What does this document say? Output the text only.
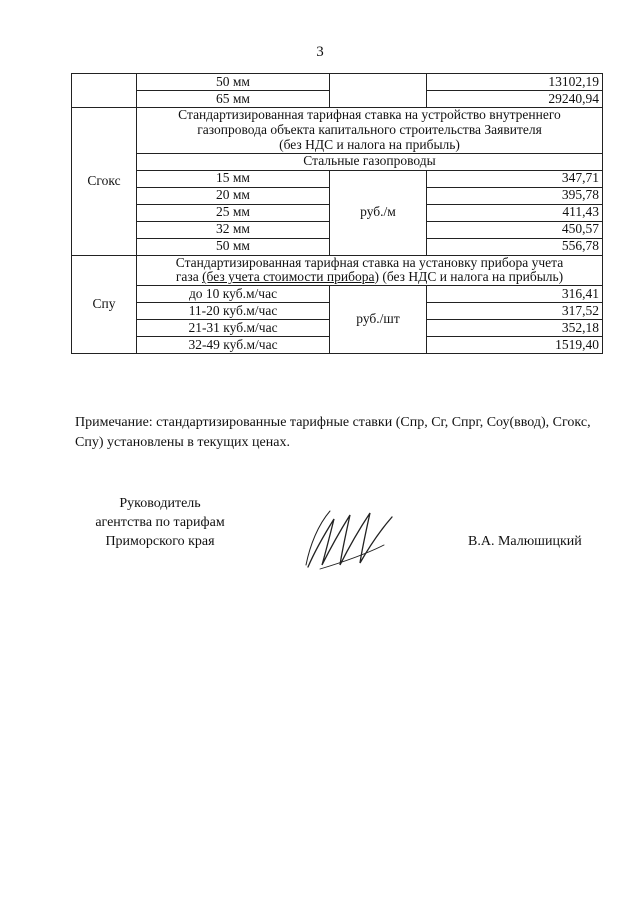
3
	50 мм		13102,19
	65 мм		29240,94
Сгокс	Стандартизированная тарифная ставка на устройство внутреннего
газопровода объекта капитального строительства Заявителя
(без НДС и налога на прибыль)		

	Стальные газопроводы		
	15 мм	руб./м	347,71
	20 мм		395,78
	25 мм		411,43
	32 мм		450,57
	50 мм		556,78
Спу	Стандартизированная тарифная ставка на установку прибора учета
газа (без учета стоимости прибора) (без НДС и налога на прибыль)		

	до 10 куб.м/час	руб./шт	316,41
	11-20 куб.м/час		317,52
	21-31 куб.м/час		352,18
	32-49 куб.м/час		1519,40
Примечание: стандартизированные тарифные ставки (Спр, Сг, Спрг, Соу(ввод), Сгокс, Спу) установлены в текущих ценах.
Руководитель
агентства по тарифам
Приморского края	В.А. Малюшицкий
